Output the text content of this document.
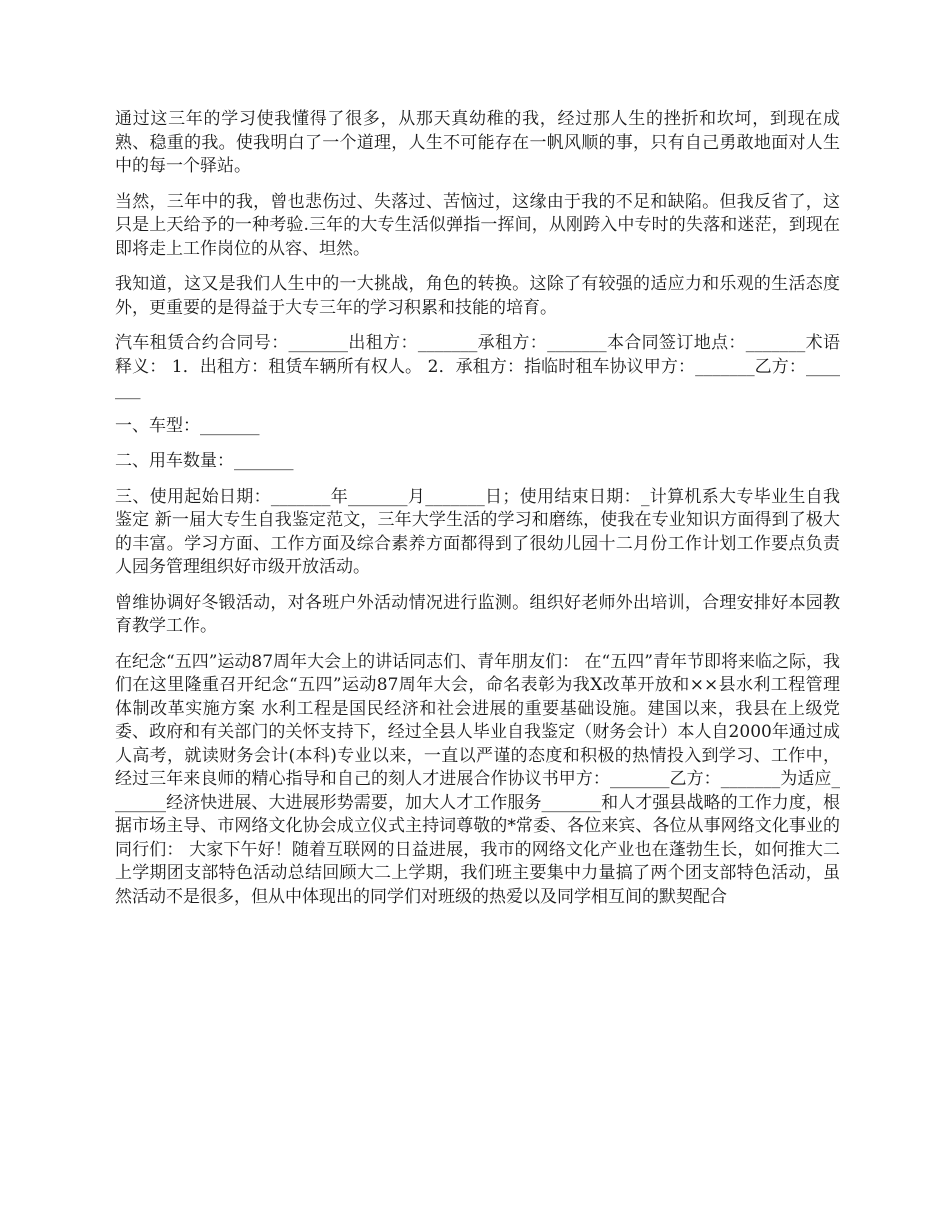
通过这三年的学习使我懂得了很多，从那天真幼稚的我，经过那人生的挫折和坎坷，到现在成熟、稳重的我。使我明白了一个道理，人生不可能存在一帆风顺的事，只有自己勇敢地面对人生中的每一个驿站。

当然，三年中的我，曾也悲伤过、失落过、苦恼过，这缘由于我的不足和缺陷。但我反省了，这只是上天给予的一种考验.三年的大专生活似弹指一挥间，从刚跨入中专时的失落和迷茫，到现在即将走上工作岗位的从容、坦然。

我知道，这又是我们人生中的一大挑战，角色的转换。这除了有较强的适应力和乐观的生活态度外，更重要的是得益于大专三年的学习积累和技能的培育。

汽车租赁合约合同号：_______出租方：_______承租方：_______本合同签订地点：_______术语释义： 1．出租方：租赁车辆所有权人。 2．承租方：指临时租车协议甲方：_______乙方：_______

一、车型：_______

二、用车数量：_______

三、使用起始日期：_______年_______月_______日；使用结束日期：_计算机系大专毕业生自我鉴定 新一届大专生自我鉴定范文，三年大学生活的学习和磨练，使我在专业知识方面得到了极大的丰富。学习方面、工作方面及综合素养方面都得到了很幼儿园十二月份工作计划工作要点负责人园务管理组织好市级开放活动。

曾维协调好冬锻活动，对各班户外活动情况进行监测。组织好老师外出培训，合理安排好本园教育教学工作。

在纪念“五四”运动87周年大会上的讲话同志们、青年朋友们： 在“五四”青年节即将来临之际，我们在这里隆重召开纪念“五四”运动87周年大会，命名表彰为我X改革开放和××县水利工程管理体制改革实施方案 水利工程是国民经济和社会进展的重要基础设施。建国以来，我县在上级党委、政府和有关部门的关怀支持下，经过全县人毕业自我鉴定（财务会计）本人自2000年通过成人高考，就读财务会计(本科)专业以来，一直以严谨的态度和积极的热情投入到学习、工作中，经过三年来良师的精心指导和自己的刻人才进展合作协议书甲方：_______乙方：_______为适应_______经济快进展、大进展形势需要，加大人才工作服务_______和人才强县战略的工作力度，根据市场主导、市网络文化协会成立仪式主持词尊敬的*常委、各位来宾、各位从事网络文化事业的同行们： 大家下午好！随着互联网的日益进展，我市的网络文化产业也在蓬勃生长，如何推大二上学期团支部特色活动总结回顾大二上学期，我们班主要集中力量搞了两个团支部特色活动，虽然活动不是很多，但从中体现出的同学们对班级的热爱以及同学相互间的默契配合
